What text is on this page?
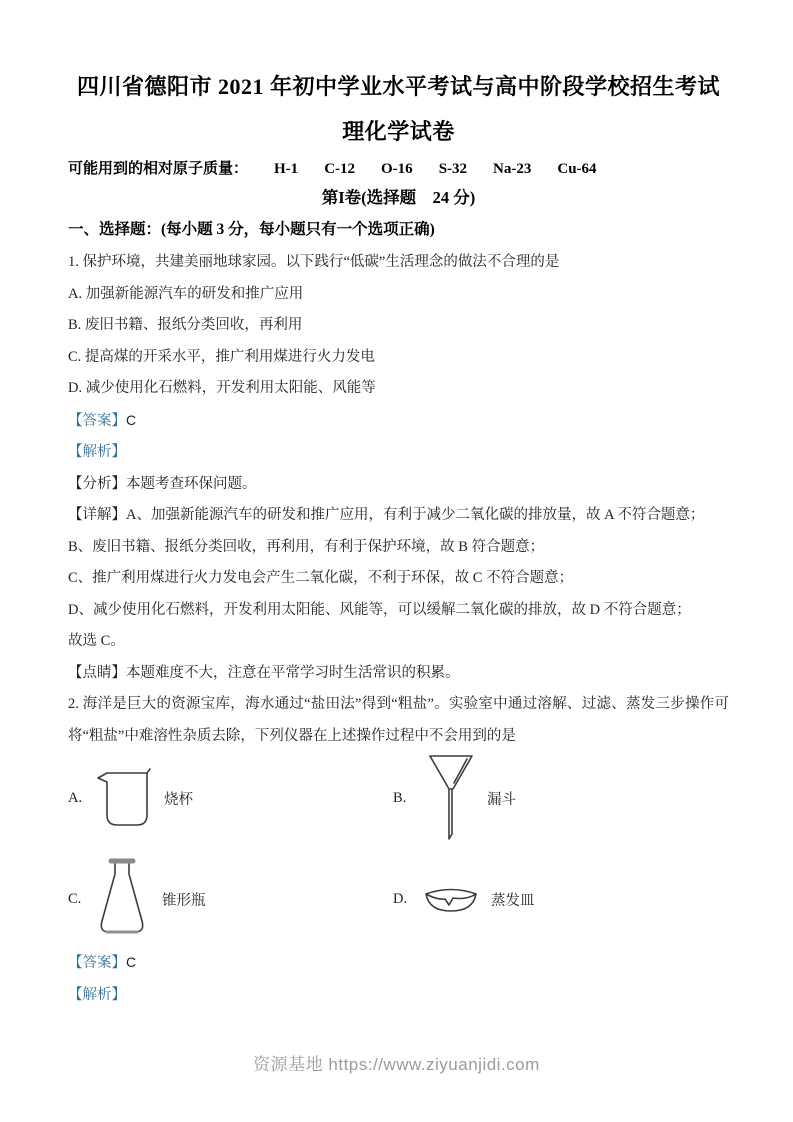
四川省德阳市 2021 年初中学业水平考试与高中阶段学校招生考试理化学试卷
可能用到的相对原子质量： H-1 C-12 O-16 S-32 Na-23 Cu-64
第I卷(选择题　24 分)
一、选择题：(每小题 3 分，每小题只有一个选项正确)

1. 保护环境，共建美丽地球家园。以下践行“低碳”生活理念的做法不合理的是

A. 加强新能源汽车的研发和推广应用

B. 废旧书籍、报纸分类回收，再利用

C. 提高煤的开采水平，推广利用煤进行火力发电

D. 减少使用化石燃料，开发利用太阳能、风能等

【答案】C

【解析】

【分析】本题考查环保问题。

【详解】A、加强新能源汽车的研发和推广应用，有利于减少二氧化碳的排放量，故 A 不符合题意；

B、废旧书籍、报纸分类回收，再利用，有利于保护环境，故 B 符合题意；

C、推广利用煤进行火力发电会产生二氧化碳，不利于环保，故 C 不符合题意；

D、减少使用化石燃料，开发利用太阳能、风能等，可以缓解二氧化碳的排放，故 D 不符合题意；

故选 C。

【点睛】本题难度不大，注意在平常学习时生活常识的积累。

2. 海洋是巨大的资源宝库，海水通过“盐田法”得到“粗盐”。实验室中通过溶解、过滤、蒸发三步操作可将“粗盐”中难溶性杂质去除，下列仪器在上述操作过程中不会用到的是

A.	烧杯	B.	漏斗
C.	锥形瓶	D.	蒸发皿

【答案】C

【解析】

资源基地 https://www.ziyuanjidi.com
